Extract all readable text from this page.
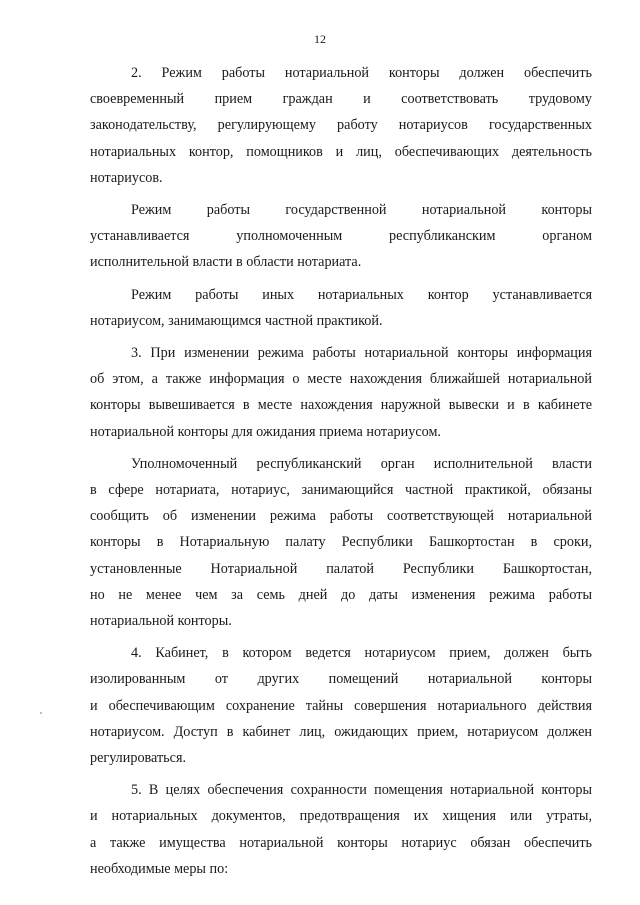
12

2. Режим работы нотариальной конторы должен обеспечить
своевременный прием граждан и соответствовать трудовому
законодательству, регулирующему работу нотариусов государственных
нотариальных контор, помощников и лиц, обеспечивающих деятельность
нотариусов.

Режим работы государственной нотариальной конторы
устанавливается уполномоченным республиканским органом
исполнительной власти в области нотариата.

Режим работы иных нотариальных контор устанавливается
нотариусом, занимающимся частной практикой.

3. При изменении режима работы нотариальной конторы информация
об этом, а также информация о месте нахождения ближайшей нотариальной
конторы вывешивается в месте нахождения наружной вывески и в кабинете
нотариальной конторы для ожидания приема нотариусом.

Уполномоченный республиканский орган исполнительной власти
в сфере нотариата, нотариус, занимающийся частной практикой, обязаны
сообщить об изменении режима работы соответствующей нотариальной
конторы в Нотариальную палату Республики Башкортостан в сроки,
установленные Нотариальной палатой Республики Башкортостан,
но не менее чем за семь дней до даты изменения режима работы
нотариальной конторы.

4. Кабинет, в котором ведется нотариусом прием, должен быть
изолированным от других помещений нотариальной конторы
и обеспечивающим сохранение тайны совершения нотариального действия
нотариусом. Доступ в кабинет лиц, ожидающих прием, нотариусом должен
регулироваться.

5. В целях обеспечения сохранности помещения нотариальной конторы
и нотариальных документов, предотвращения их хищения или утраты,
а также имущества нотариальной конторы нотариус обязан обеспечить
необходимые меры по:
